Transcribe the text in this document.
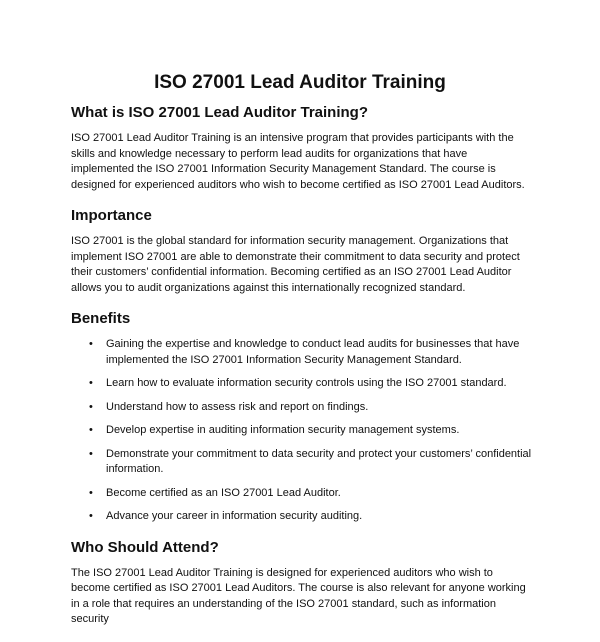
ISO 27001 Lead Auditor Training
What is ISO 27001 Lead Auditor Training?

ISO 27001 Lead Auditor Training is an intensive program that provides participants with the skills and knowledge necessary to perform lead audits for organizations that have implemented the ISO 27001 Information Security Management Standard. The course is designed for experienced auditors who wish to become certified as ISO 27001 Lead Auditors.

Importance

ISO 27001 is the global standard for information security management. Organizations that implement ISO 27001 are able to demonstrate their commitment to data security and protect their customers’ confidential information. Becoming certified as an ISO 27001 Lead Auditor allows you to audit organizations against this internationally recognized standard.

Benefits
• Gaining the expertise and knowledge to conduct lead audits for businesses that have implemented the ISO 27001 Information Security Management Standard.
• Learn how to evaluate information security controls using the ISO 27001 standard.
• Understand how to assess risk and report on findings.
• Develop expertise in auditing information security management systems.
• Demonstrate your commitment to data security and protect your customers’ confidential information.
• Become certified as an ISO 27001 Lead Auditor.
• Advance your career in information security auditing.
Who Should Attend?

The ISO 27001 Lead Auditor Training is designed for experienced auditors who wish to become certified as ISO 27001 Lead Auditors. The course is also relevant for anyone working in a role that requires an understanding of the ISO 27001 standard, such as information security
